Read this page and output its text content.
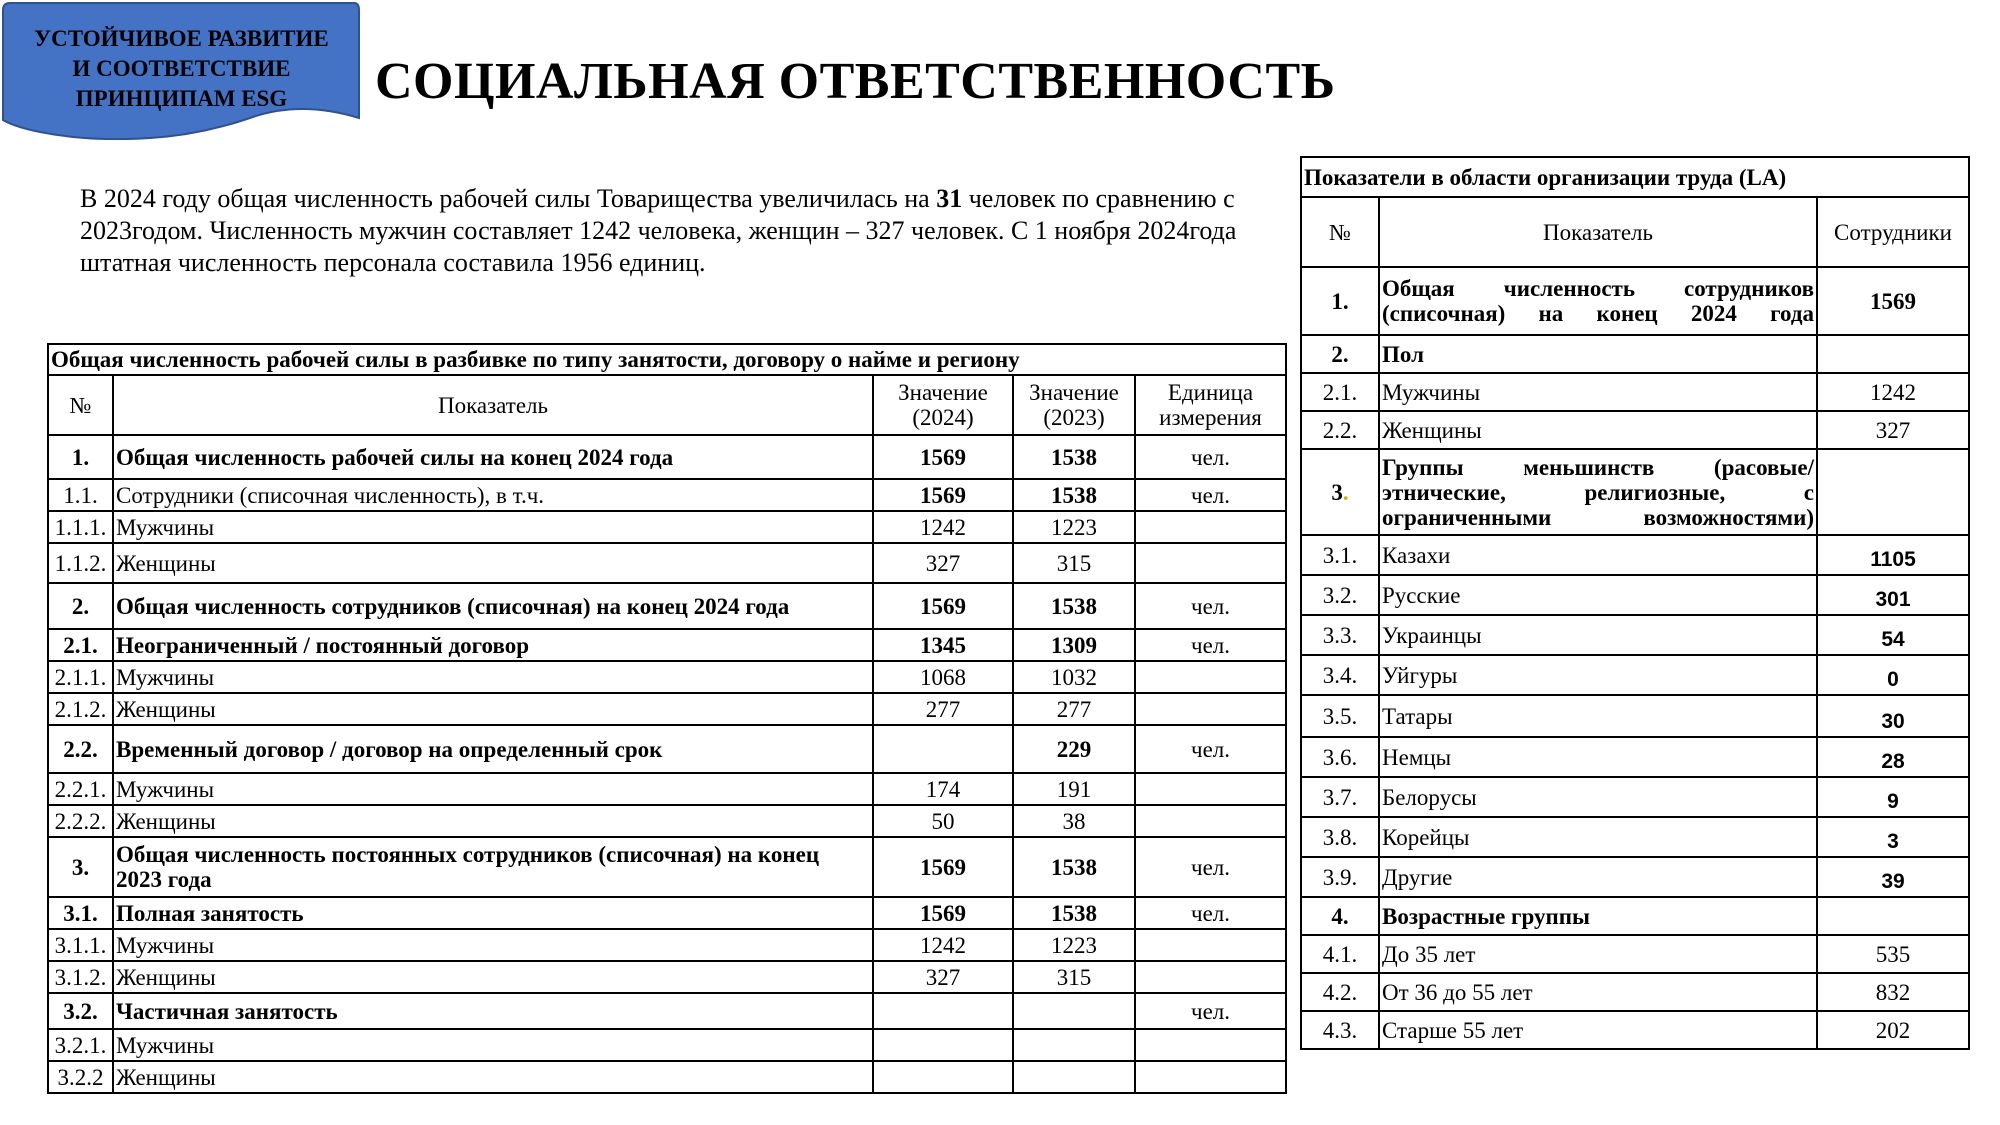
УСТОЙЧИВОЕ РАЗВИТИЕ
И СООТВЕТСТВИЕ
ПРИНЦИПАМ ESG	СОЦИАЛЬНАЯ ОТВЕТСТВЕННОСТЬ
В 2024 году общая численность рабочей силы Товарищества увеличилась на 31 человек по сравнению с 2023годом. Численность мужчин составляет 1242 человека, женщин – 327 человек. С 1 ноября 2024года штатная численность персонала составила 1956 единиц.
Общая численность рабочей силы в разбивке по типу занятости, договору о найме и региону				
№	Показатель	Значение (2024)	Значение (2023)	Единица измерения
1.	Общая численность рабочей силы на конец 2024 года	1569	1538	чел.
1.1.	Сотрудники (списочная численность), в т.ч.	1569	1538	чел.
1.1.1.	Мужчины	1242	1223	
1.1.2.	Женщины	327	315	
2.	Общая численность сотрудников (списочная) на конец 2024 года	1569	1538	чел.
2.1.	Неограниченный / постоянный договор	1345	1309	чел.
2.1.1.	Мужчины	1068	1032	
2.1.2.	Женщины	277	277	
2.2.	Временный договор / договор на определенный срок		229	чел.
2.2.1.	Мужчины	174	191	
2.2.2.	Женщины	50	38	
3.	Общая численность постоянных сотрудников (списочная) на конец 2023 года	1569	1538	чел.
3.1.	Полная занятость	1569	1538	чел.
3.1.1.	Мужчины	1242	1223	
3.1.2.	Женщины	327	315	
3.2.	Частичная занятость			чел.
3.2.1.	Мужчины			
3.2.2	Женщины			
Показатели в области организации труда (LA)		
№	Показатель	Сотрудники
1.	Общая численность сотрудников (списочная) на конец 2024 года	1569
2.	Пол	
2.1.	Мужчины	1242
2.2.	Женщины	327
3.	Группы меньшинств (расовые/этнические, религиозные, с ограниченными возможностями)	
3.1.	Казахи	1105
3.2.	Русские	301
3.3.	Украинцы	54
3.4.	Уйгуры	0
3.5.	Татары	30
3.6.	Немцы	28
3.7.	Белорусы	9
3.8.	Корейцы	3
3.9.	Другие	39
4.	Возрастные группы	
4.1.	До 35 лет	535
4.2.	От 36 до 55 лет	832
4.3.	Старше 55 лет	202
